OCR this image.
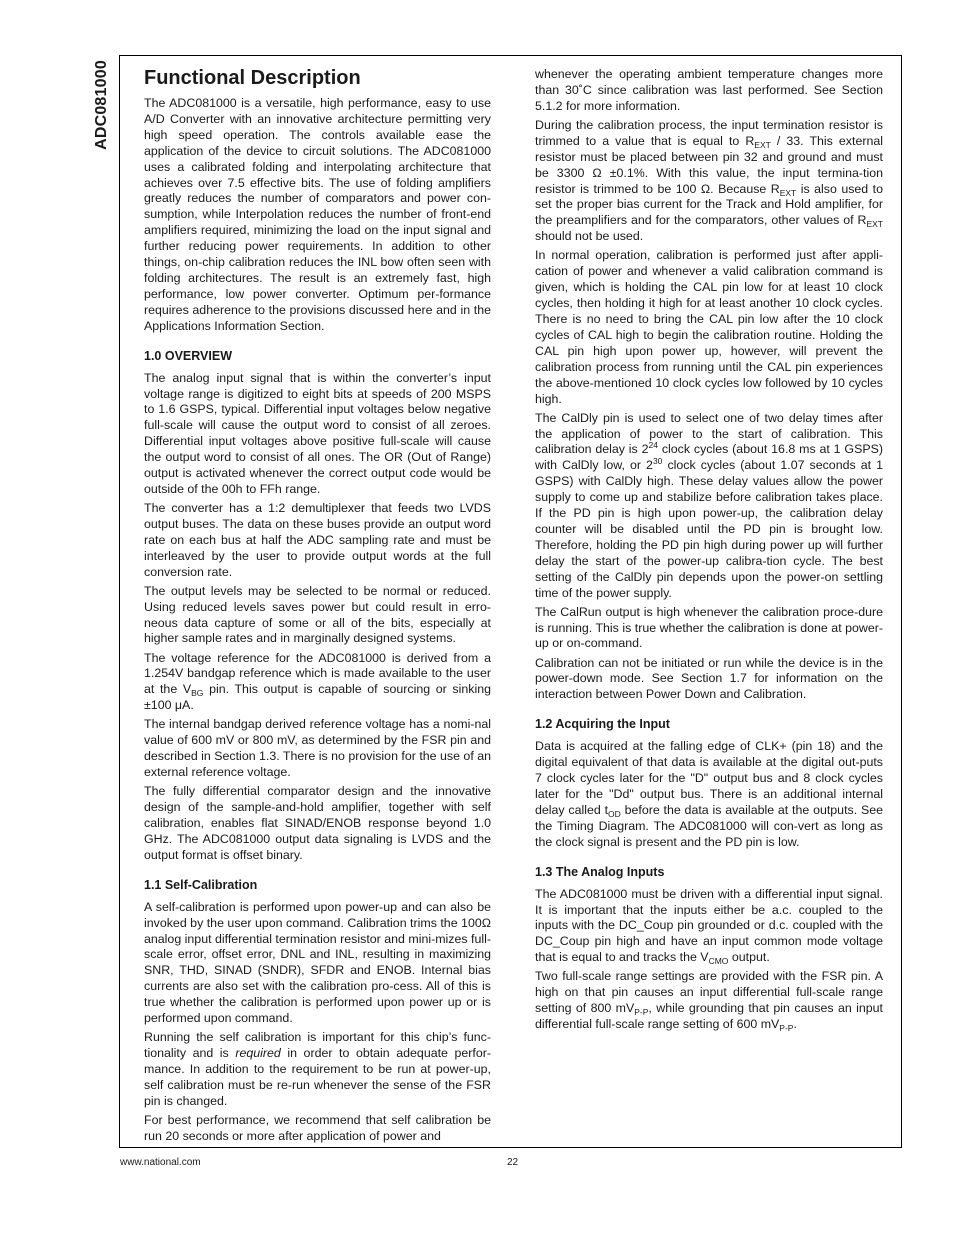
ADC081000 Functional Description

The ADC081000 is a versatile, high performance, easy to use A/D Converter with an innovative architecture permitting very high speed operation. The controls available ease the application of the device to circuit solutions. The ADC081000 uses a calibrated folding and interpolating architecture that achieves over 7.5 effective bits. The use of folding amplifiers greatly reduces the number of comparators and power con-sumption, while Interpolation reduces the number of front-end amplifiers required, minimizing the load on the input signal and further reducing power requirements. In addition to other things, on-chip calibration reduces the INL bow often seen with folding architectures. The result is an extremely fast, high performance, low power converter. Optimum per-formance requires adherence to the provisions discussed here and in the Applications Information Section.

1.0 OVERVIEW

The analog input signal that is within the converter’s input voltage range is digitized to eight bits at speeds of 200 MSPS to 1.6 GSPS, typical. Differential input voltages below negative full-scale will cause the output word to consist of all zeroes. Differential input voltages above positive full-scale will cause the output word to consist of all ones. The OR (Out of Range) output is activated whenever the correct output code would be outside of the 00h to FFh range.

The converter has a 1:2 demultiplexer that feeds two LVDS output buses. The data on these buses provide an output word rate on each bus at half the ADC sampling rate and must be interleaved by the user to provide output words at the full conversion rate.

The output levels may be selected to be normal or reduced. Using reduced levels saves power but could result in erro-neous data capture of some or all of the bits, especially at higher sample rates and in marginally designed systems.

The voltage reference for the ADC081000 is derived from a 1.254V bandgap reference which is made available to the user at the $V_{BG}$ pin. This output is capable of sourcing or sinking ±100 μA.

The internal bandgap derived reference voltage has a nomi-nal value of 600 mV or 800 mV, as determined by the FSR pin and described in Section 1.3. There is no provision for the use of an external reference voltage.

The fully differential comparator design and the innovative design of the sample-and-hold amplifier, together with self calibration, enables flat SINAD/ENOB response beyond 1.0 GHz. The ADC081000 output data signaling is LVDS and the output format is offset binary.

1.1 Self-Calibration

A self-calibration is performed upon power-up and can also be invoked by the user upon command. Calibration trims the 100Ω analog input differential termination resistor and mini-mizes full-scale error, offset error, DNL and INL, resulting in maximizing SNR, THD, SINAD (SNDR), SFDR and ENOB. Internal bias currents are also set with the calibration pro-cess. All of this is true whether the calibration is performed upon power up or is performed upon command.

Running the self calibration is important for this chip’s func-tionality and is required in order to obtain adequate perfor-mance. In addition to the requirement to be run at power-up, self calibration must be re-run whenever the sense of the FSR pin is changed.

For best performance, we recommend that self calibration be run 20 seconds or more after application of power and

whenever the operating ambient temperature changes more than 30˚C since calibration was last performed. See Section 5.1.2 for more information.

During the calibration process, the input termination resistor is trimmed to a value that is equal to $R_{EXT} / 33$. This external resistor must be placed between pin 32 and ground and must be 3300 Ω ±0.1%. With this value, the input termina-tion resistor is trimmed to be 100 Ω. Because $R_{EXT}$ is also used to set the proper bias current for the Track and Hold amplifier, for the preamplifiers and for the comparators, other values of $R_{EXT}$ should not be used.

In normal operation, calibration is performed just after appli-cation of power and whenever a valid calibration command is given, which is holding the CAL pin low for at least 10 clock cycles, then holding it high for at least another 10 clock cycles. There is no need to bring the CAL pin low after the 10 clock cycles of CAL high to begin the calibration routine. Holding the CAL pin high upon power up, however, will prevent the calibration process from running until the CAL pin experiences the above-mentioned 10 clock cycles low followed by 10 cycles high.

The CalDly pin is used to select one of two delay times after the application of power to the start of calibration. This calibration delay is $2^{24}$ clock cycles (about 16.8 ms at 1 GSPS) with CalDly low, or $2^{30}$ clock cycles (about 1.07 seconds at 1 GSPS) with CalDly high. These delay values allow the power supply to come up and stabilize before calibration takes place. If the PD pin is high upon power-up, the calibration delay counter will be disabled until the PD pin is brought low. Therefore, holding the PD pin high during power up will further delay the start of the power-up calibra-tion cycle. The best setting of the CalDly pin depends upon the power-on settling time of the power supply.

The CalRun output is high whenever the calibration proce-dure is running. This is true whether the calibration is done at power-up or on-command.

Calibration can not be initiated or run while the device is in the power-down mode. See Section 1.7 for information on the interaction between Power Down and Calibration.

1.2 Acquiring the Input

Data is acquired at the falling edge of CLK+ (pin 18) and the digital equivalent of that data is available at the digital out-puts 7 clock cycles later for the "D" output bus and 8 clock cycles later for the "Dd" output bus. There is an additional internal delay called $t_{OD}$ before the data is available at the outputs. See the Timing Diagram. The ADC081000 will con-vert as long as the clock signal is present and the PD pin is low.

1.3 The Analog Inputs

The ADC081000 must be driven with a differential input signal. It is important that the inputs either be a.c. coupled to the inputs with the DC_Coup pin grounded or d.c. coupled with the DC_Coup pin high and have an input common mode voltage that is equal to and tracks the $V_{CMO}$ output.

Two full-scale range settings are provided with the FSR pin. A high on that pin causes an input differential full-scale range setting of 800 $mV_{P-P}$, while grounding that pin causes an input differential full-scale range setting of 600 $mV_{P-P}$.

www.national.com	22
